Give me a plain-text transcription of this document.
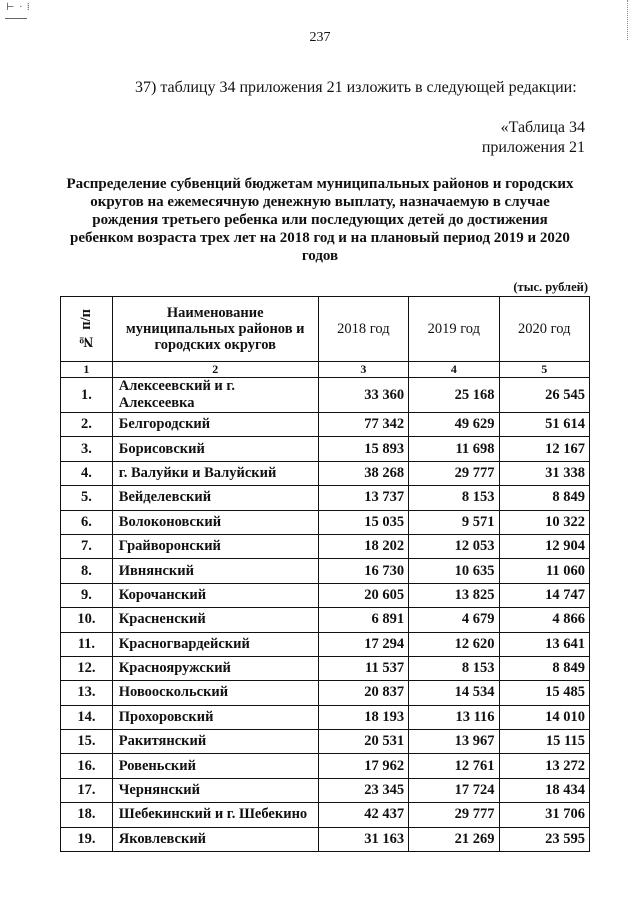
⊢ · ⁞
237
37) таблицу 34 приложения 21 изложить в следующей редакции:
«Таблица 34
приложения 21
Распределение субвенций бюджетам муниципальных районов и городских
округов на ежемесячную денежную выплату, назначаемую в случае
рождения третьего ребенка или последующих детей до достижения
ребенком возраста трех лет на 2018 год и на плановый период 2019 и 2020
годов
(тыс. рублей)
№ п/п	Наименование муниципальных районов и городских округов	2018 год	2019 год	2020 год
1	2	3	4	5
1.	Алексеевский и г. Алексеевка	33 360	25 168	26 545
2.	Белгородский	77 342	49 629	51 614
3.	Борисовский	15 893	11 698	12 167
4.	г. Валуйки и Валуйский	38 268	29 777	31 338
5.	Вейделевский	13 737	8 153	8 849
6.	Волоконовский	15 035	9 571	10 322
7.	Грайворонский	18 202	12 053	12 904
8.	Ивнянский	16 730	10 635	11 060
9.	Корочанский	20 605	13 825	14 747
10.	Красненский	6 891	4 679	4 866
11.	Красногвардейский	17 294	12 620	13 641
12.	Краснояружский	11 537	8 153	8 849
13.	Новооскольский	20 837	14 534	15 485
14.	Прохоровский	18 193	13 116	14 010
15.	Ракитянский	20 531	13 967	15 115
16.	Ровеньский	17 962	12 761	13 272
17.	Чернянский	23 345	17 724	18 434
18.	Шебекинский и г. Шебекино	42 437	29 777	31 706
19.	Яковлевский	31 163	21 269	23 595
